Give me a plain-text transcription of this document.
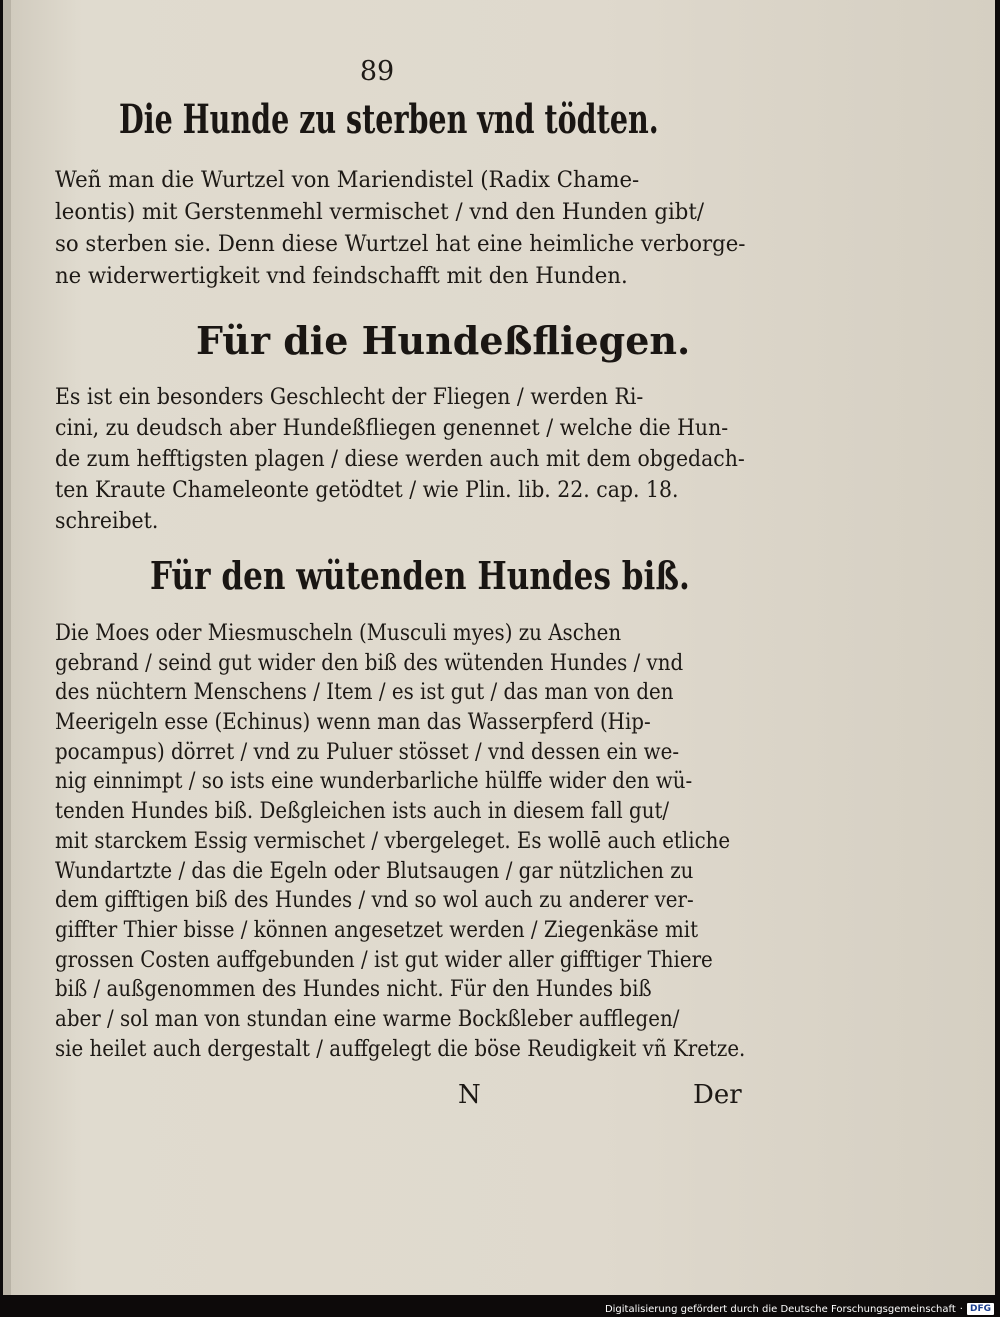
89
Die Hunde zu sterben vnd tödten.
Weñ man die Wurtzel von Mariendistel (Radix Chame-
leontis) mit Gerstenmehl vermischet / vnd den Hunden gibt/
so sterben sie. Denn diese Wurtzel hat eine heimliche verborge-
ne widerwertigkeit vnd feindschafft mit den Hunden.
Für die Hundeßfliegen.
Es ist ein besonders Geschlecht der Fliegen / werden Ri-
cini, zu deudsch aber Hundeßfliegen genennet / welche die Hun-
de zum hefftigsten plagen / diese werden auch mit dem obgedach-
ten Kraute Chameleonte getödtet / wie Plin. lib. 22. cap. 18.
schreibet.
Für den wütenden Hundes biß.
Die Moes oder Miesmuscheln (Musculi myes) zu Aschen
gebrand / seind gut wider den biß des wütenden Hundes / vnd
des nüchtern Menschens / Item / es ist gut / das man von den
Meerigeln esse (Echinus) wenn man das Wasserpferd (Hip-
pocampus) dörret / vnd zu Puluer stösset / vnd dessen ein we-
nig einnimpt / so ists eine wunderbarliche hülffe wider den wü-
tenden Hundes biß. Deßgleichen ists auch in diesem fall gut/
mit starckem Essig vermischet / vbergeleget. Es wollē auch etliche
Wundartzte / das die Egeln oder Blutsaugen / gar nützlichen zu
dem gifftigen biß des Hundes / vnd so wol auch zu anderer ver-
giffter Thier bisse / können angesetzet werden / Ziegenkäse mit
grossen Costen auffgebunden / ist gut wider aller gifftiger Thiere
biß / außgenommen des Hundes nicht. Für den Hundes biß
aber / sol man von stundan eine warme Bockßleber aufflegen/
sie heilet auch dergestalt / auffgelegt die böse Reudigkeit vñ Kretze.
N	Der
Digitalisierung gefördert durch die Deutsche Forschungsgemeinschaft · DFG
